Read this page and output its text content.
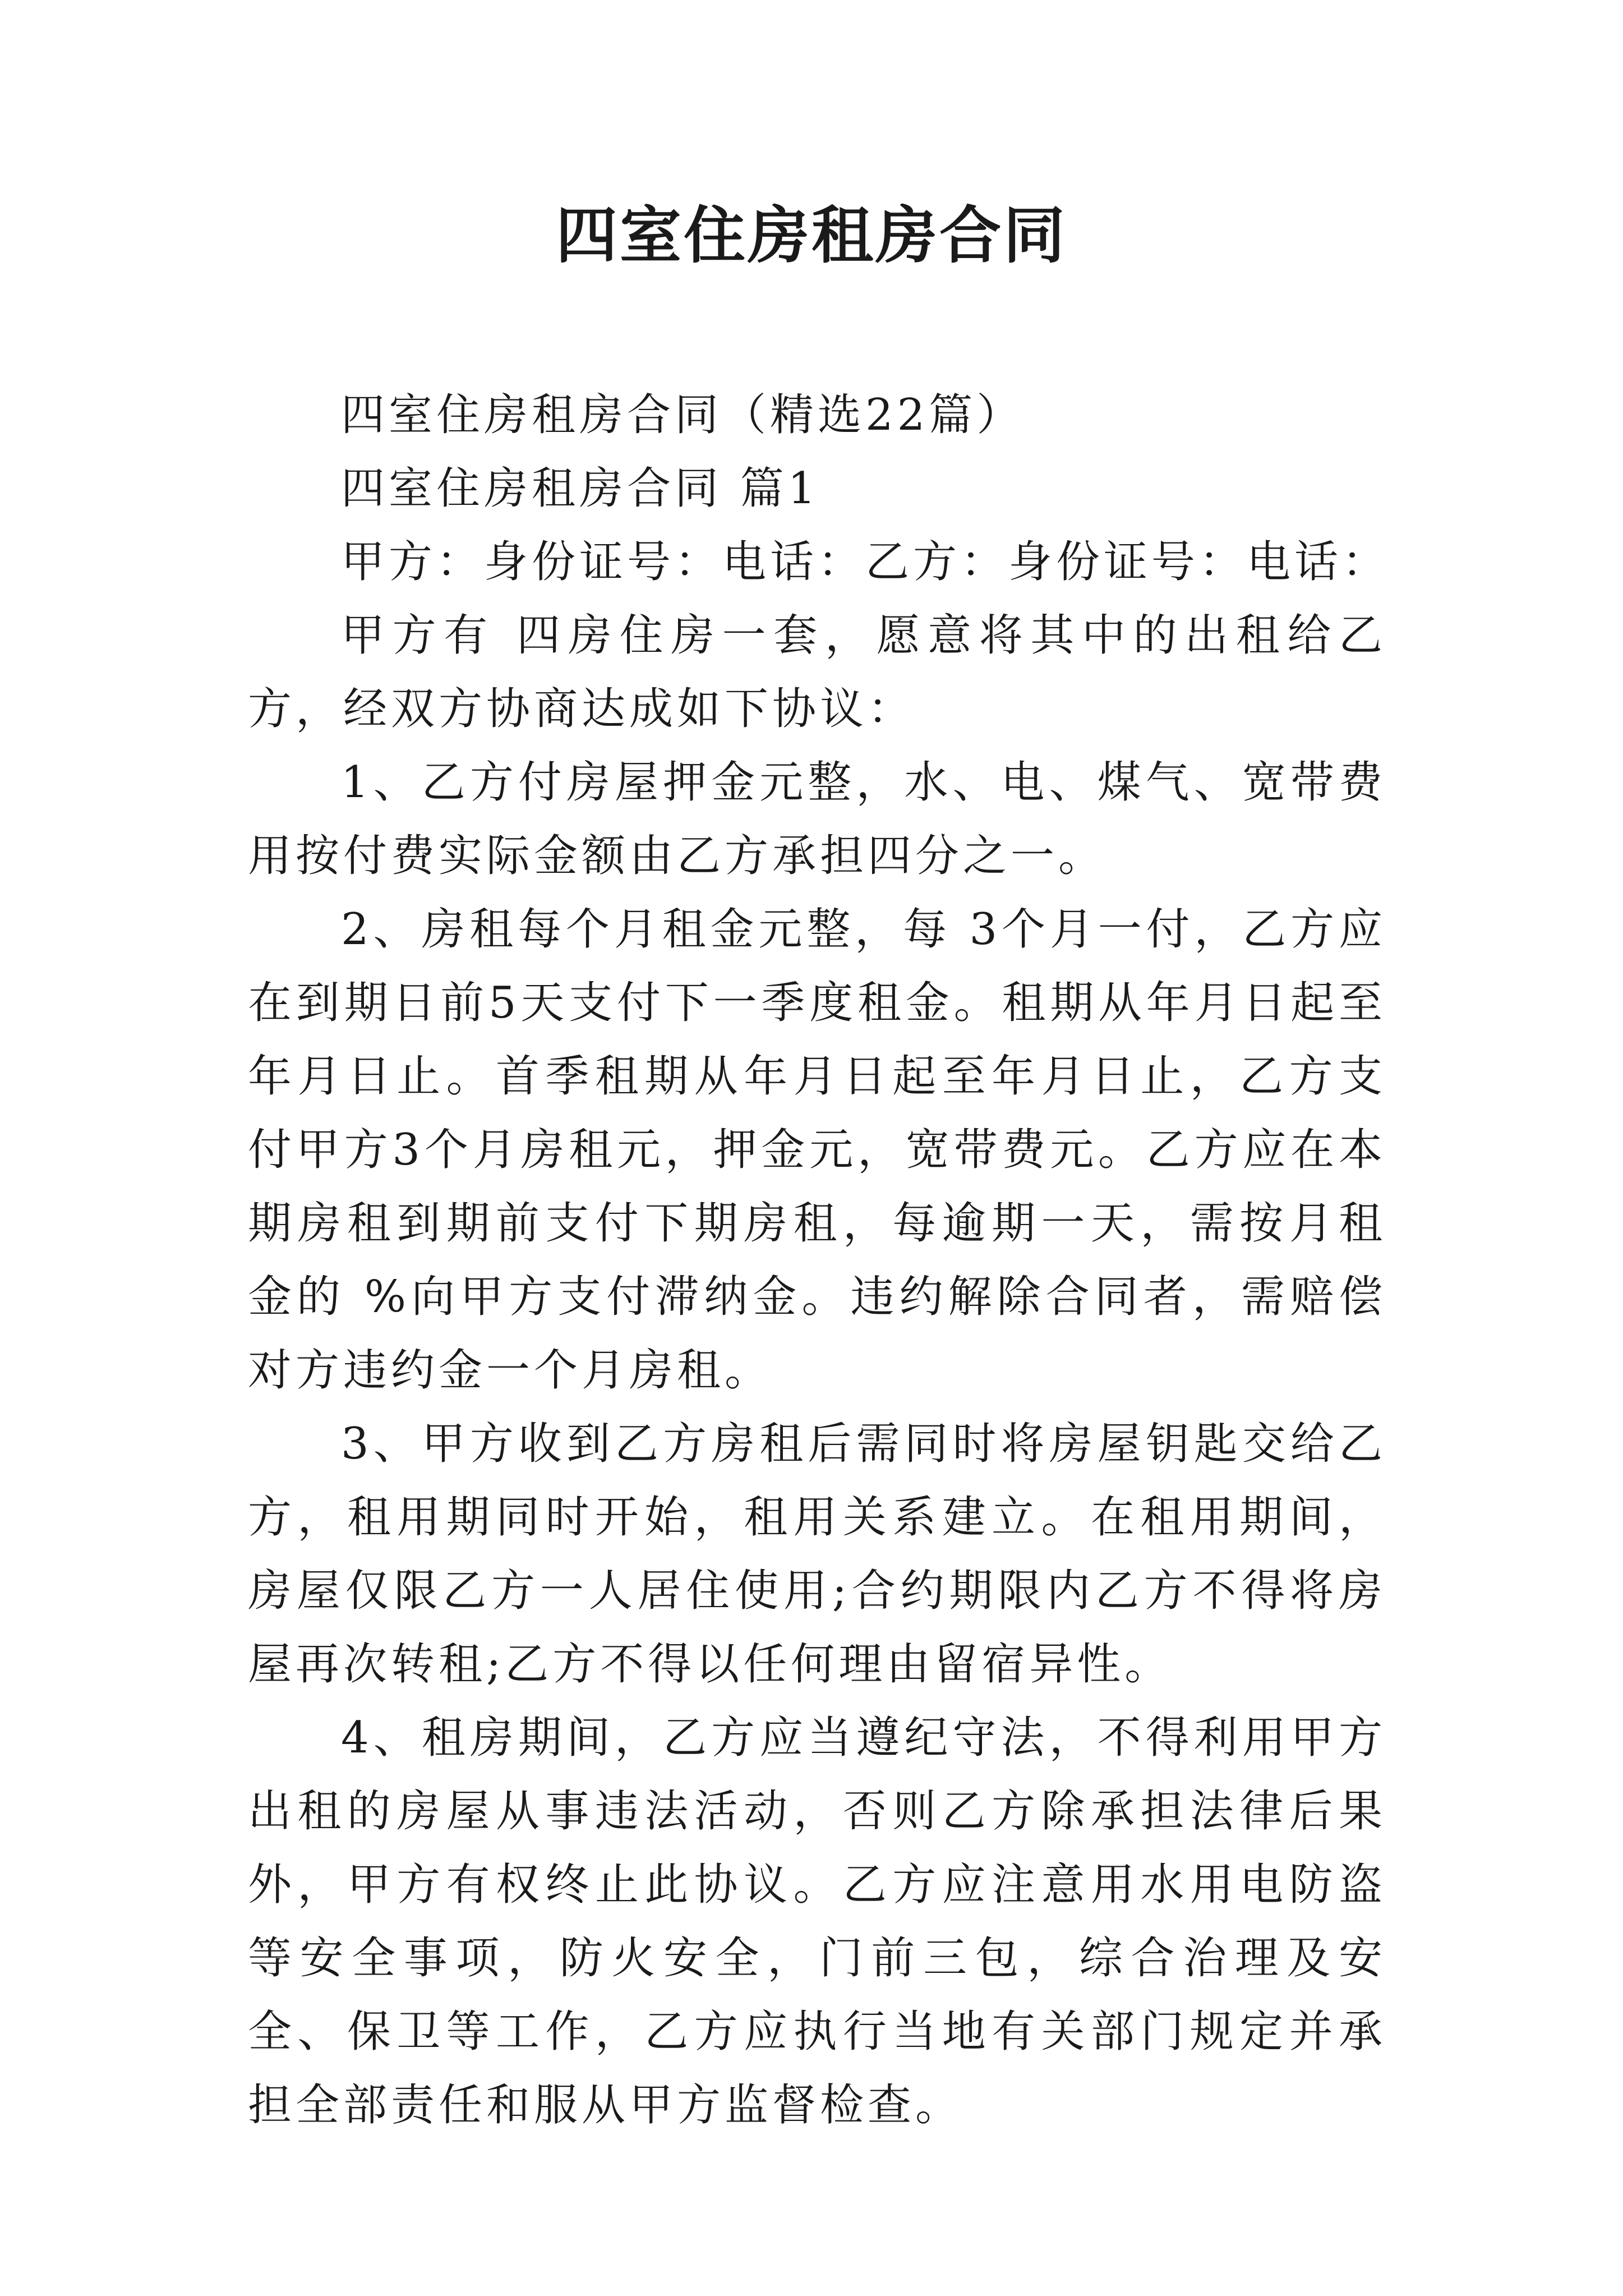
四室住房租房合同

四室住房租房合同（精选22篇）

四室住房租房合同 篇1

甲方：身份证号：电话：乙方：身份证号：电话：

甲方有 四房住房一套，愿意将其中的出租给乙方，经双方协商达成如下协议：

1、乙方付房屋押金元整，水、电、煤气、宽带费用按付费实际金额由乙方承担四分之一。

2、房租每个月租金元整，每 3个月一付，乙方应在到期日前5天支付下一季度租金。租期从年月日起至年月日止。首季租期从年月日起至年月日止，乙方支付甲方3个月房租元，押金元，宽带费元。乙方应在本期房租到期前支付下期房租，每逾期一天，需按月租金的 %向甲方支付滞纳金。违约解除合同者，需赔偿对方违约金一个月房租。

3、甲方收到乙方房租后需同时将房屋钥匙交给乙方，租用期同时开始，租用关系建立。在租用期间，房屋仅限乙方一人居住使用;合约期限内乙方不得将房屋再次转租;乙方不得以任何理由留宿异性。

4、租房期间，乙方应当遵纪守法，不得利用甲方出租的房屋从事违法活动，否则乙方除承担法律后果外，甲方有权终止此协议。乙方应注意用水用电防盗等安全事项，防火安全，门前三包，综合治理及安全、保卫等工作，乙方应执行当地有关部门规定并承担全部责任和服从甲方监督检查。
